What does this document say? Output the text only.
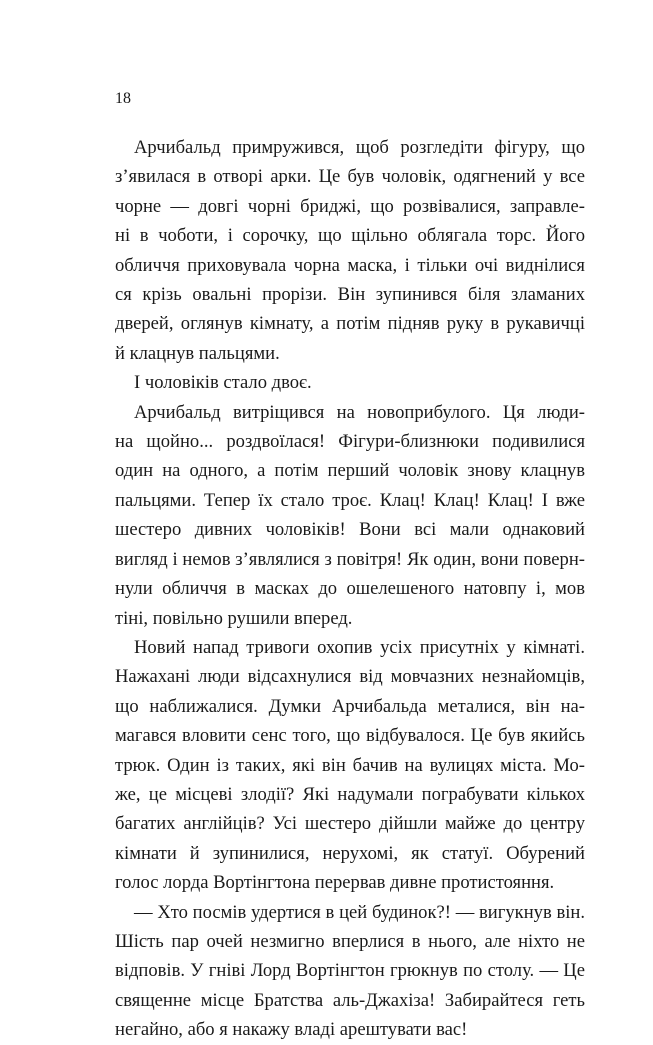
18
Арчибальд примружився, щоб розгледіти фігуру, що
з’явилася в отворі арки. Це був чоловік, одягнений у все
чорне — довгі чорні бриджі, що розвівалися, заправле-
ні в чоботи, і сорочку, що щільно облягала торс. Його
обличчя приховувала чорна маска, і тільки очі виднілися
ся крізь овальні прорізи. Він зупинився біля зламаних
дверей, оглянув кімнату, а потім підняв руку в рукавичці
й клацнув пальцями.
І чоловіків стало двоє.
Арчибальд витріщився на новоприбулого. Ця люди-
на щойно... роздвоїлася! Фігури-близнюки подивилися
один на одного, а потім перший чоловік знову клацнув
пальцями. Тепер їх стало троє. Клац! Клац! Клац! І вже
шестеро дивних чоловіків! Вони всі мали однаковий
вигляд і немов з’являлися з повітря! Як один, вони поверн-
нули обличчя в масках до ошелешеного натовпу і, мов
тіні, повільно рушили вперед.
Новий напад тривоги охопив усіх присутніх у кімнаті.
Нажахані люди відсахнулися від мовчазних незнайомців,
що наближалися. Думки Арчибальда металися, він на-
магався вловити сенс того, що відбувалося. Це був якийсь
трюк. Один із таких, які він бачив на вулицях міста. Мо-
же, це місцеві злодії? Які надумали пограбувати кількох
багатих англійців? Усі шестеро дійшли майже до центру
кімнати й зупинилися, нерухомі, як статуї. Обурений
голос лорда Вортінгтона перервав дивне протистояння.
— Хто посмів удертися в цей будинок?! — вигукнув він.
Шість пар очей незмигно вперлися в нього, але ніхто не
відповів. У гніві Лорд Вортінгтон грюкнув по столу. — Це
священне місце Братства аль-Джахіза! Забирайтеся геть
негайно, або я накажу владі арештувати вас!
